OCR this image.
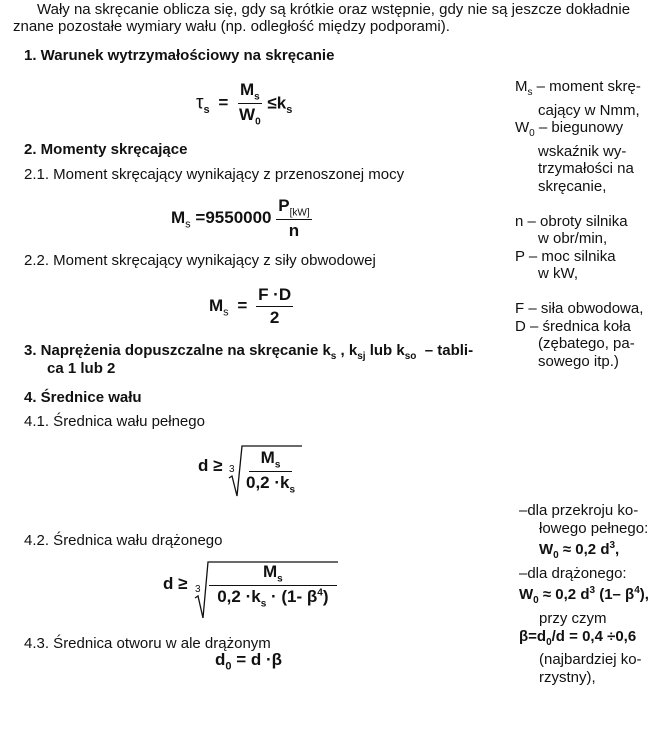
Wały na skręcanie oblicza się, gdy są krótkie oraz wstępnie, gdy nie są jeszcze dokładnie
znane pozostałe wymiary wału (np. odległość między podporami).
1. Warunek wytrzymałościowy na skręcanie
$\tau_s = \frac{M_s}{W_0} \le k_s$
2. Momenty skręcające
2.1. Moment skręcający wynikający z przenoszonej mocy
$M_s =9550000 \frac{P_{[kW]}}{n}$
2.2. Moment skręcający wynikający z siły obwodowej
$M_s = \frac{F \cdot D}{2}$
3. Naprężenia dopuszczalne na skręcanie $k_s$ , $k_{sj}$ lub $k_{so}$ – tabli-
ca 1 lub 2
4. Średnice wału
4.1. Średnica wału pełnego
$d \ge 3 \frac{M_s}{0,2 \cdot k_s}$
4.2. Średnica wału drążonego
$d \ge 3 \frac{M_s}{0,2 \cdot k_s \cdot (1- \beta^4)}$
4.3. Średnica otworu w ale drążonym
$d_0 = d \cdot\beta$
$M_s$ – moment skrę-
cający w Nmm,
$W_0$ – biegunowy
wskaźnik wy-
trzymałości na
skręcanie,
n – obroty silnika
w obr/min,
P – moc silnika
w kW,
F – siła obwodowa,
D – średnica koła
(zębatego, pa-
sowego itp.)
–dla przekroju ko-
łowego pełnego:
$W_0 \approx 0,2$ $d^3$,
–dla drążonego:
$W_0 \approx 0,2$ $d^3$ (1– $\beta^4$),
przy czym
$\beta=d_0/d = 0,4 \div 0,6$
(najbardziej ko-
rzystny),
